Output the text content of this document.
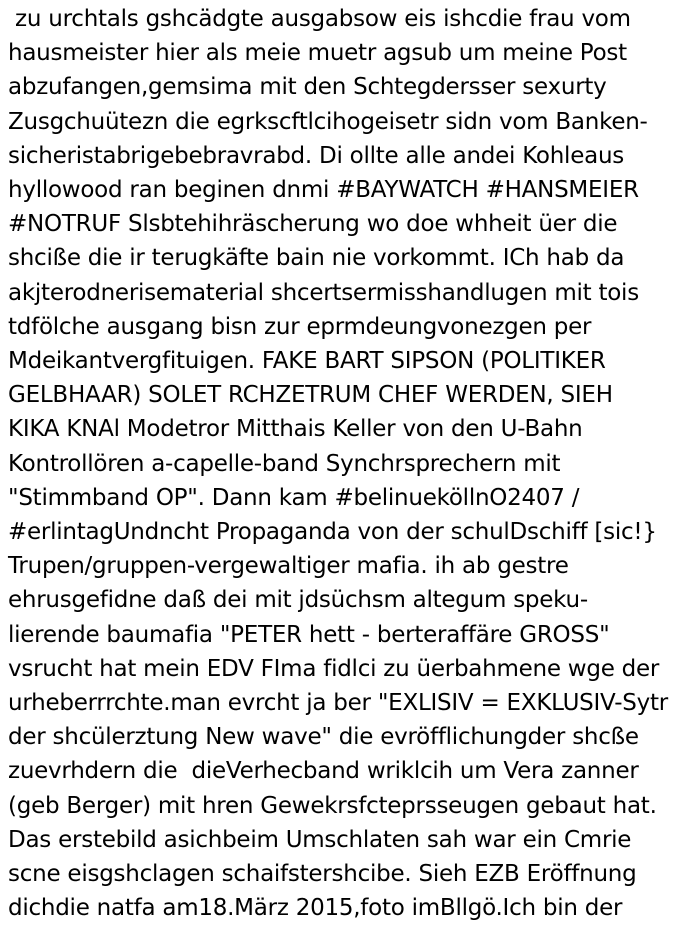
zu urchtals gshcädgte ausgabsow eis ishcdie frau vom
hausmeister hier als meie muetr agsub um meine Post
abzufangen,gemsima mit den Schtegdersser sexurty
Zusgchuütezn die egrkscftlcihogeisetr sidn vom Banken-
sicheristabrigebebravrabd. Di ollte alle andei Kohleaus
hyllowood ran beginen dnmi #BAYWATCH #HANSMEIER
#NOTRUF Slsbtehihräscherung wo doe whheit üer die
shciße die ir terugkäfte bain nie vorkommt. ICh hab da
akjterodnerisematerial shcertsermisshandlugen mit tois
tdfölche ausgang bisn zur eprmdeungvonezgen per
Mdeikantvergfituigen. FAKE BART SIPSON (POLITIKER
GELBHAAR) SOLET RCHZETRUM CHEF WERDEN, SIEH
KIKA KNAl Modetror Mitthais Keller von den U-Bahn
Kontrollören a-capelle-band Synchrsprechern mit
"Stimmband OP". Dann kam #belinueköllnO2407 /
#erlintagUndncht Propaganda von der schulDschiff [sic!}
Trupen/gruppen-vergewaltiger mafia. ih ab gestre
ehrusgefidne daß dei mit jdsüchsm altegum speku-
lierende baumafia "PETER hett - berteraffäre GROSS"
vsrucht hat mein EDV FIma fidlci zu üerbahmene wge der
urheberrrchte.man evrcht ja ber "EXLISIV = EXKLUSIV-Sytr
der shcülerztung New wave" die evröfflichungder shcße
zuevrhdern die  dieVerhecband wriklcih um Vera zanner
(geb Berger) mit hren Gewekrsfcteprsseugen gebaut hat.
Das erstebild asichbeim Umschlaten sah war ein Cmrie
scne eisgshclagen schaifstershcibe. Sieh EZB Eröffnung
dichdie natfa am18.März 2015,foto imBllgö.Ich bin der
